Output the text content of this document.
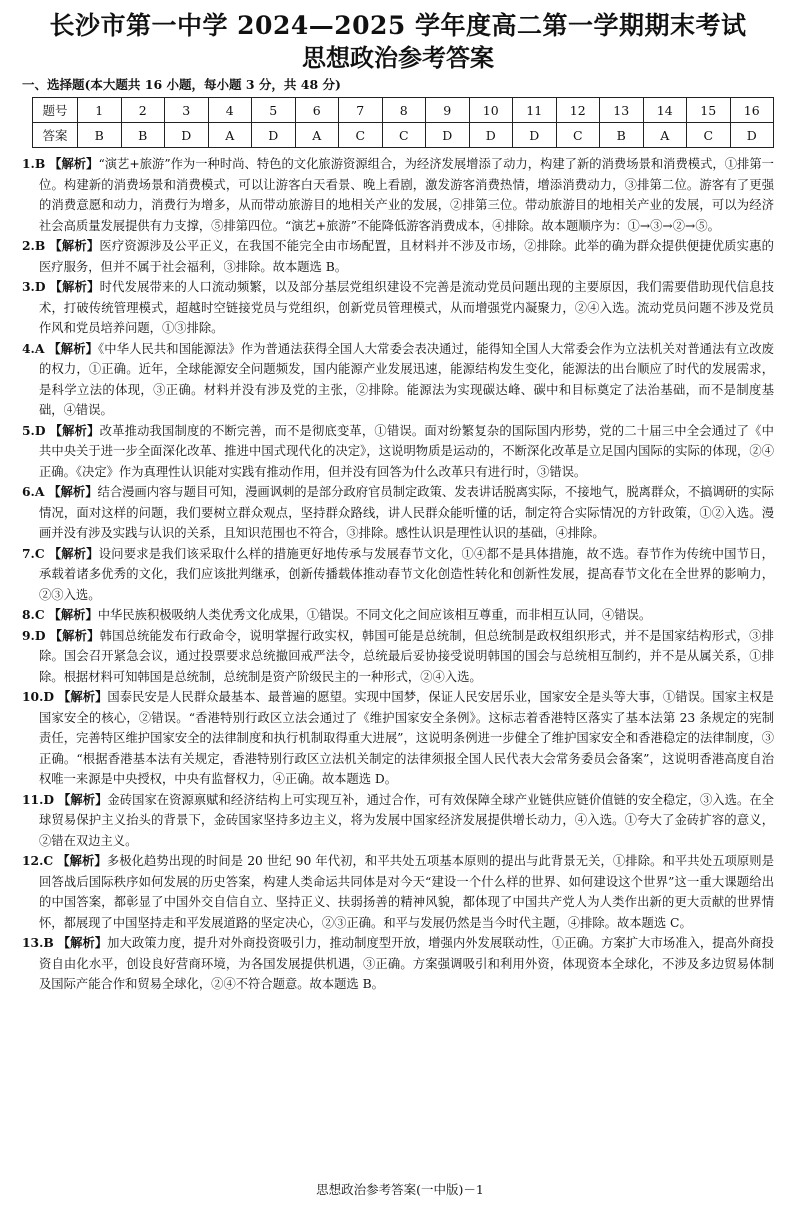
长沙市第一中学 2024—2025 学年度高二第一学期期末考试
思想政治参考答案
一、选择题(本大题共 16 小题，每小题 3 分，共 48 分)
题号	1	2	3	4	5	6	7	8	9	10	11	12	13	14	15	16
答案	B	B	D	A	D	A	C	C	D	D	D	C	B	A	C	D

1.B 【解析】“演艺+旅游”作为一种时尚、特色的文化旅游资源组合，为经济发展增添了动力，构建了新的消费场景和消费模式，①排第一位。构建新的消费场景和消费模式，可以让游客白天看景、晚上看剧，激发游客消费热情，增添消费动力，③排第二位。游客有了更强的消费意愿和动力，消费行为增多，从而带动旅游目的地相关产业的发展，②排第三位。带动旅游目的地相关产业的发展，可以为经济社会高质量发展提供有力支撑，⑤排第四位。“演艺+旅游”不能降低游客消费成本，④排除。故本题顺序为：①→③→②→⑤。

2.B 【解析】医疗资源涉及公平正义，在我国不能完全由市场配置，且材料并不涉及市场，②排除。此举的确为群众提供便捷优质实惠的医疗服务，但并不属于社会福利，③排除。故本题选 B。

3.D 【解析】时代发展带来的人口流动频繁，以及部分基层党组织建设不完善是流动党员问题出现的主要原因，我们需要借助现代信息技术，打破传统管理模式，超越时空链接党员与党组织，创新党员管理模式，从而增强党内凝聚力，②④入选。流动党员问题不涉及党员作风和党员培养问题，①③排除。

4.A 【解析】《中华人民共和国能源法》作为普通法获得全国人大常委会表决通过，能得知全国人大常委会作为立法机关对普通法有立改废的权力，①正确。近年，全球能源安全问题频发，国内能源产业发展迅速，能源结构发生变化，能源法的出台顺应了时代的发展需求，是科学立法的体现，③正确。材料并没有涉及党的主张，②排除。能源法为实现碳达峰、碳中和目标奠定了法治基础，而不是制度基础，④错误。

5.D 【解析】改革推动我国制度的不断完善，而不是彻底变革，①错误。面对纷繁复杂的国际国内形势，党的二十届三中全会通过了《中共中央关于进一步全面深化改革、推进中国式现代化的决定》，这说明物质是运动的，不断深化改革是立足国内国际的实际的体现，②④正确。《决定》作为真理性认识能对实践有推动作用，但并没有回答为什么改革只有进行时，③错误。

6.A 【解析】结合漫画内容与题目可知，漫画讽刺的是部分政府官员制定政策、发表讲话脱离实际，不接地气，脱离群众，不搞调研的实际情况，面对这样的问题，我们要树立群众观点，坚持群众路线，讲人民群众能听懂的话，制定符合实际情况的方针政策，①②入选。漫画并没有涉及实践与认识的关系，且知识范围也不符合，③排除。感性认识是理性认识的基础，④排除。

7.C 【解析】设问要求是我们该采取什么样的措施更好地传承与发展春节文化，①④都不是具体措施，故不选。春节作为传统中国节日，承载着诸多优秀的文化，我们应该批判继承，创新传播载体推动春节文化创造性转化和创新性发展，提高春节文化在全世界的影响力，②③入选。

8.C 【解析】中华民族积极吸纳人类优秀文化成果，①错误。不同文化之间应该相互尊重，而非相互认同，④错误。

9.D 【解析】韩国总统能发布行政命令，说明掌握行政实权，韩国可能是总统制，但总统制是政权组织形式，并不是国家结构形式，③排除。国会召开紧急会议，通过投票要求总统撤回戒严法令，总统最后妥协接受说明韩国的国会与总统相互制约，并不是从属关系，①排除。根据材料可知韩国是总统制，总统制是资产阶级民主的一种形式，②④入选。

10.D 【解析】国泰民安是人民群众最基本、最普遍的愿望。实现中国梦，保证人民安居乐业，国家安全是头等大事，①错误。国家主权是国家安全的核心，②错误。“香港特别行政区立法会通过了《维护国家安全条例》。这标志着香港特区落实了基本法第 23 条规定的宪制责任，完善特区维护国家安全的法律制度和执行机制取得重大进展”，这说明条例进一步健全了维护国家安全和香港稳定的法律制度，③正确。“根据香港基本法有关规定，香港特别行政区立法机关制定的法律须报全国人民代表大会常务委员会备案”，这说明香港高度自治权唯一来源是中央授权，中央有监督权力，④正确。故本题选 D。

11.D 【解析】金砖国家在资源禀赋和经济结构上可实现互补，通过合作，可有效保障全球产业链供应链价值链的安全稳定，③入选。在全球贸易保护主义抬头的背景下，金砖国家坚持多边主义，将为发展中国家经济发展提供增长动力，④入选。①夸大了金砖扩容的意义，②错在双边主义。

12.C 【解析】多极化趋势出现的时间是 20 世纪 90 年代初，和平共处五项基本原则的提出与此背景无关，①排除。和平共处五项原则是回答战后国际秩序如何发展的历史答案，构建人类命运共同体是对今天“建设一个什么样的世界、如何建设这个世界”这一重大课题给出的中国答案，都彰显了中国外交自信自立、坚持正义、扶弱扬善的精神风貌，都体现了中国共产党人为人类作出新的更大贡献的世界情怀，都展现了中国坚持走和平发展道路的坚定决心，②③正确。和平与发展仍然是当今时代主题，④排除。故本题选 C。

13.B 【解析】加大政策力度，提升对外商投资吸引力，推动制度型开放，增强内外发展联动性，①正确。方案扩大市场准入，提高外商投资自由化水平，创设良好营商环境，为各国发展提供机遇，③正确。方案强调吸引和利用外资，体现资本全球化，不涉及多边贸易体制及国际产能合作和贸易全球化，②④不符合题意。故本题选 B。

思想政治参考答案(一中版)－1
